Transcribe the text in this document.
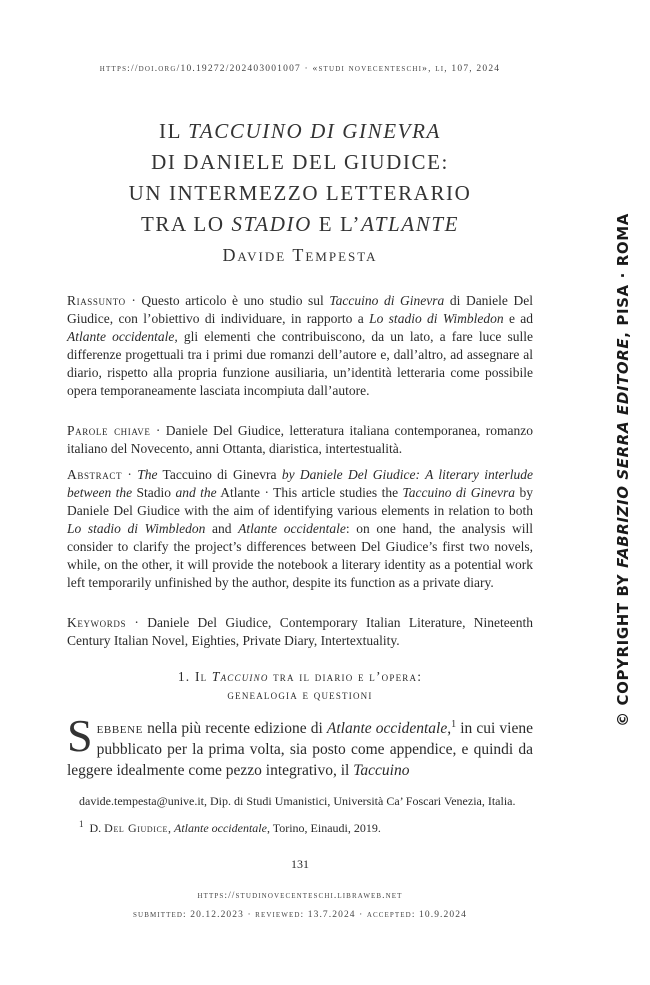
https://doi.org/10.19272/202403001007 · «studi novecenteschi», li, 107, 2024
IL TACCUINO DI GINEVRA
DI DANIELE DEL GIUDICE:
UN INTERMEZZO LETTERARIO
TRA LO STADIO E L’ATLANTE
Davide Tempesta
Riassunto · Questo articolo è uno studio sul Taccuino di Ginevra di Daniele Del Giudice, con l’obiettivo di individuare, in rapporto a Lo stadio di Wimbledon e ad Atlante occidentale, gli elementi che contribuiscono, da un lato, a fare luce sulle differenze progettuali tra i primi due romanzi dell’autore e, dall’altro, ad assegnare al diario, rispetto alla propria funzione ausiliaria, un’identità letteraria come possibile opera temporaneamente lasciata incompiuta dall’autore.
Parole chiave · Daniele Del Giudice, letteratura italiana contemporanea, romanzo italiano del Novecento, anni Ottanta, diaristica, intertestualità.
Abstract · The Taccuino di Ginevra by Daniele Del Giudice: A literary interlude between the Stadio and the Atlante · This article studies the Taccuino di Ginevra by Daniele Del Giudice with the aim of identifying various elements in relation to both Lo stadio di Wimbledon and Atlante occidentale: on one hand, the analysis will consider to clarify the project’s differences between Del Giudice’s first two novels, while, on the other, it will provide the notebook a literary identity as a potential work left temporarily unfinished by the author, despite its function as a private diary.
Keywords · Daniele Del Giudice, Contemporary Italian Literature, Nineteenth Century Italian Novel, Eighties, Private Diary, Intertextuality.
1. Il Taccuino tra il diario e l’opera:
genealogia e questioni
Sebbene nella più recente edizione di Atlante occidentale,$^1$ in cui viene pubblicato per la prima volta, sia posto come appendice, e quindi da leggere idealmente come pezzo integrativo, il Taccuino
davide.tempesta@unive.it, Dip. di Studi Umanistici, Università Ca’ Foscari Venezia, Italia.
$^1$ D. Del Giudice, Atlante occidentale, Torino, Einaudi, 2019.
131
https://studinovecenteschi.libraweb.net
submitted: 20.12.2023 · reviewed: 13.7.2024 · accepted: 10.9.2024
© COPYRIGHT BY FABRIZIO SERRA EDITORE, PISA · ROMA
